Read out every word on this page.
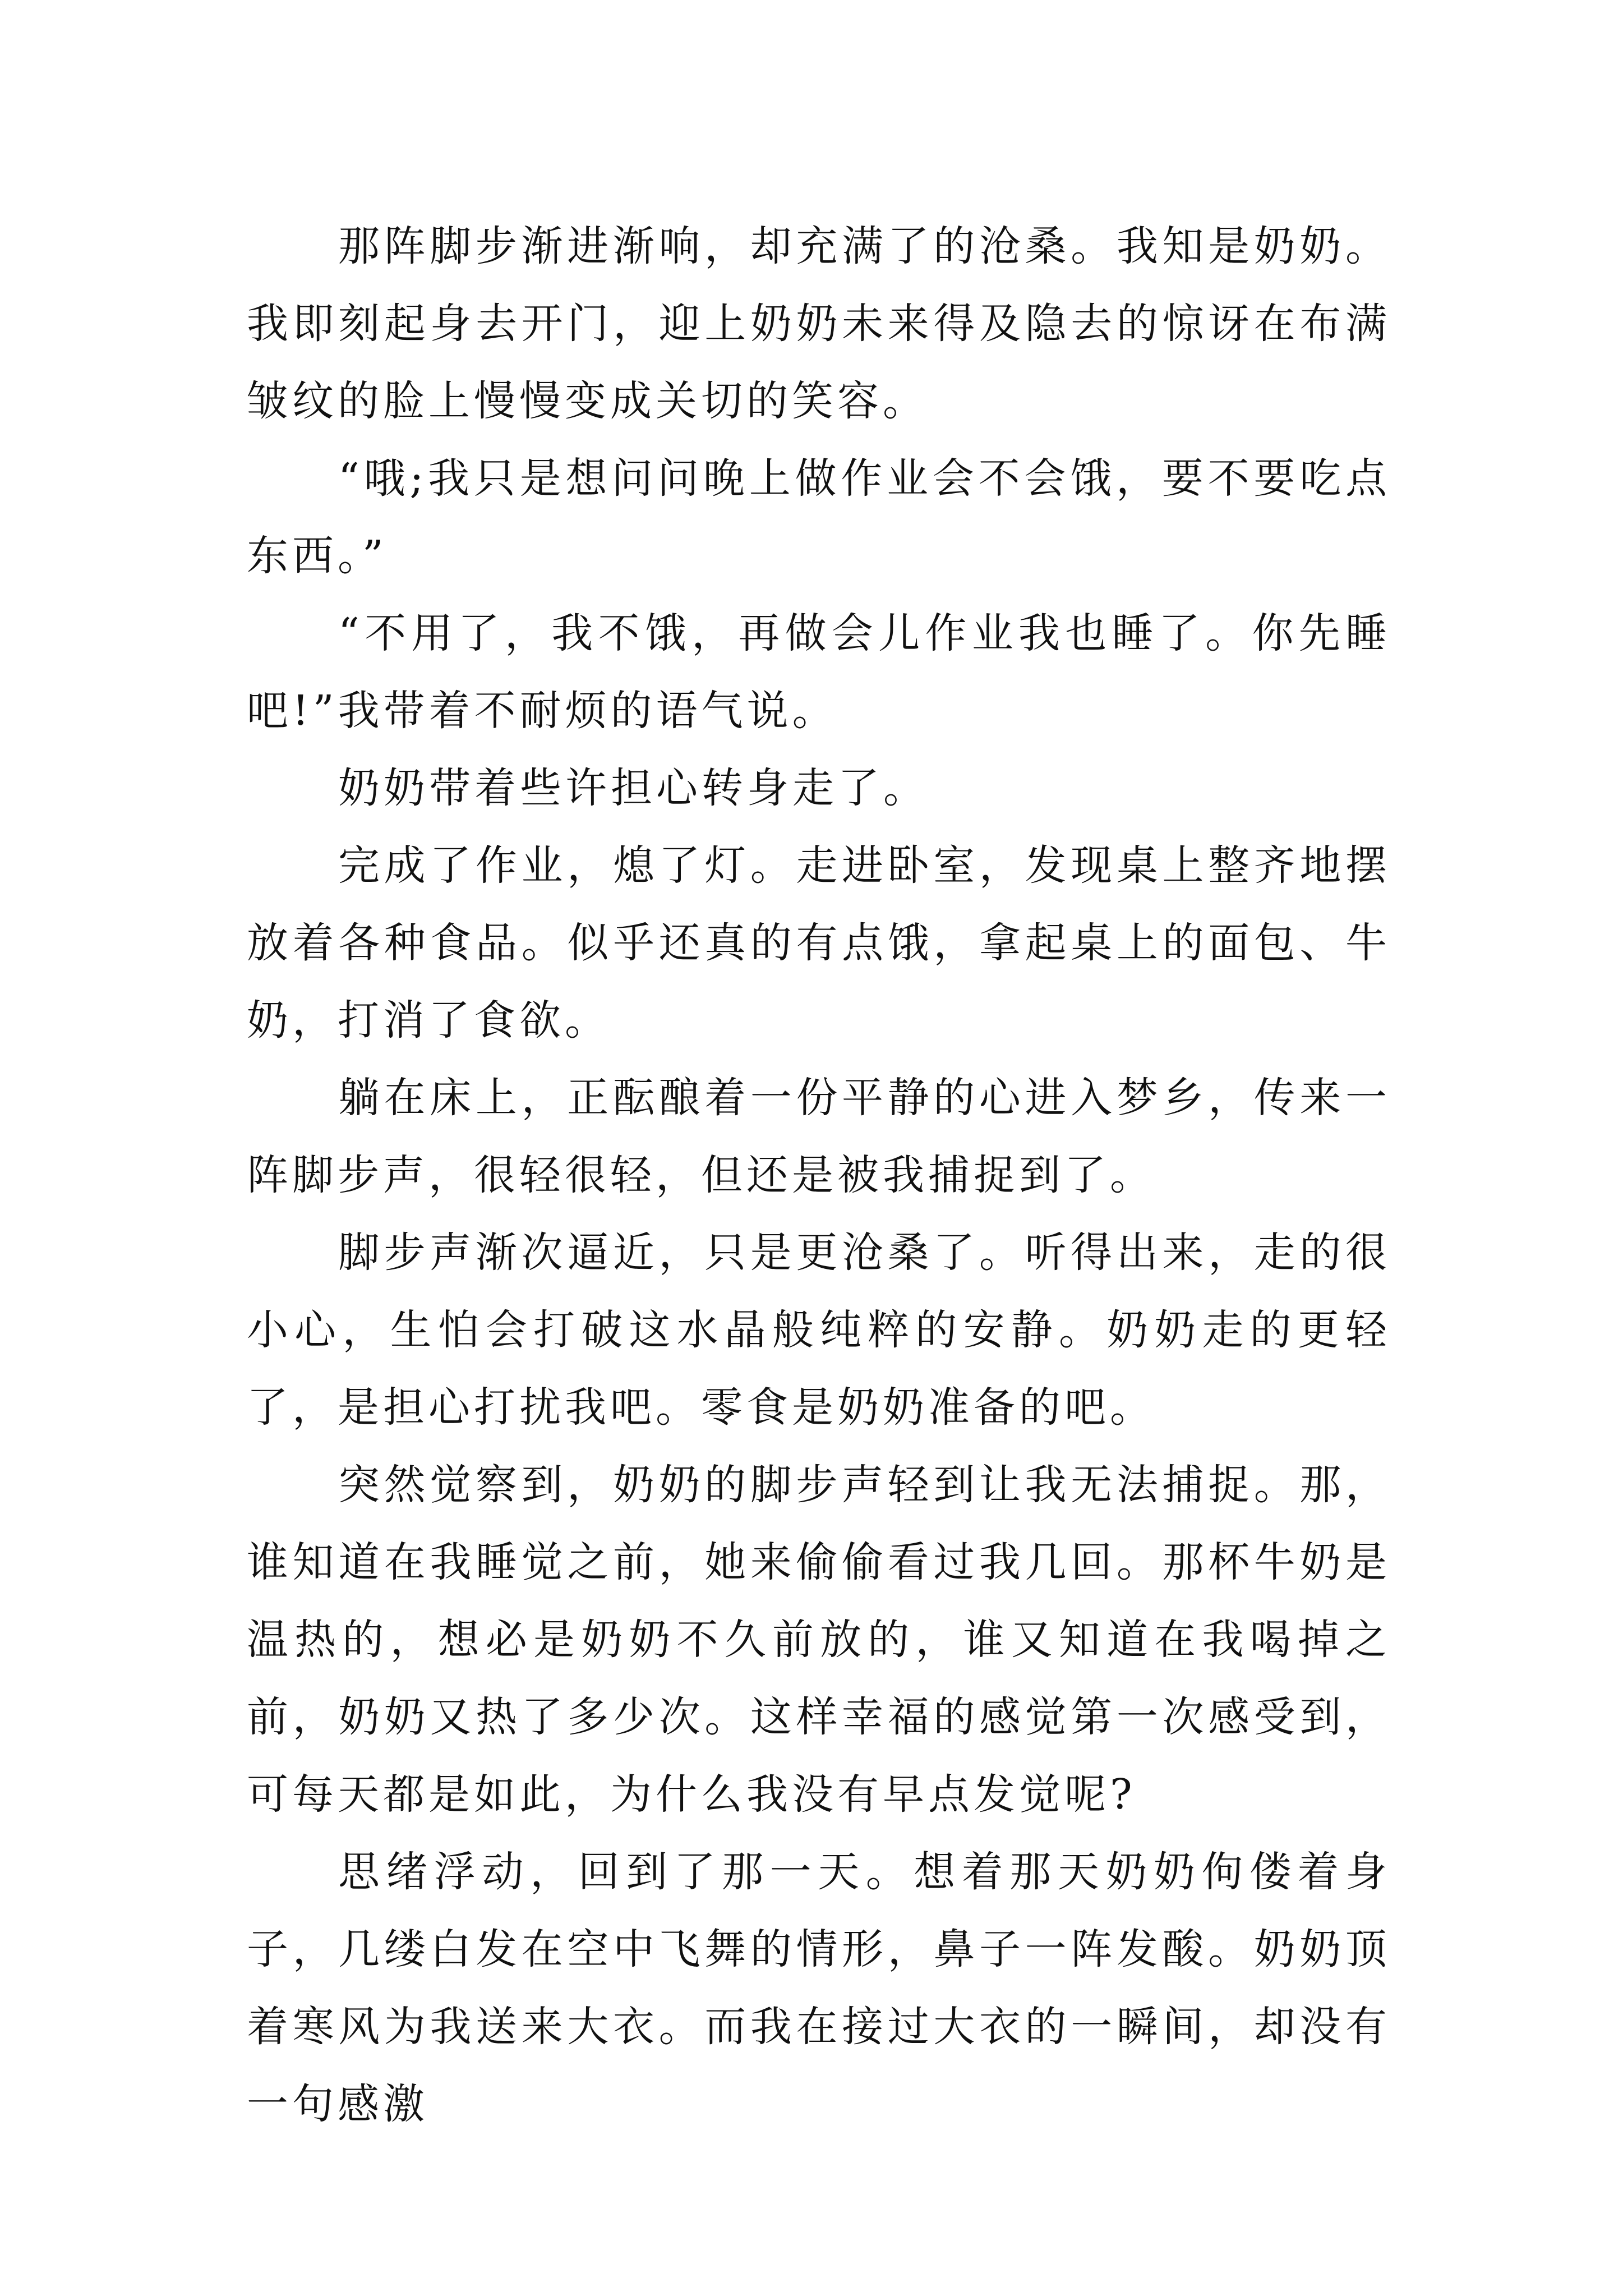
那阵脚步渐进渐响，却充满了的沧桑。我知是奶奶。我即刻起身去开门，迎上奶奶未来得及隐去的惊讶在布满皱纹的脸上慢慢变成关切的笑容。

“哦;我只是想问问晚上做作业会不会饿，要不要吃点东西。”

“不用了，我不饿，再做会儿作业我也睡了。你先睡吧!”我带着不耐烦的语气说。

奶奶带着些许担心转身走了。

完成了作业，熄了灯。走进卧室，发现桌上整齐地摆放着各种食品。似乎还真的有点饿，拿起桌上的面包、牛奶，打消了食欲。

躺在床上，正酝酿着一份平静的心进入梦乡，传来一阵脚步声，很轻很轻，但还是被我捕捉到了。

脚步声渐次逼近，只是更沧桑了。听得出来，走的很小心，生怕会打破这水晶般纯粹的安静。奶奶走的更轻了，是担心打扰我吧。零食是奶奶准备的吧。

突然觉察到，奶奶的脚步声轻到让我无法捕捉。那，谁知道在我睡觉之前，她来偷偷看过我几回。那杯牛奶是温热的，想必是奶奶不久前放的，谁又知道在我喝掉之前，奶奶又热了多少次。这样幸福的感觉第一次感受到，可每天都是如此，为什么我没有早点发觉呢?

思绪浮动，回到了那一天。想着那天奶奶佝偻着身子，几缕白发在空中飞舞的情形，鼻子一阵发酸。奶奶顶着寒风为我送来大衣。而我在接过大衣的一瞬间，却没有一句感激
